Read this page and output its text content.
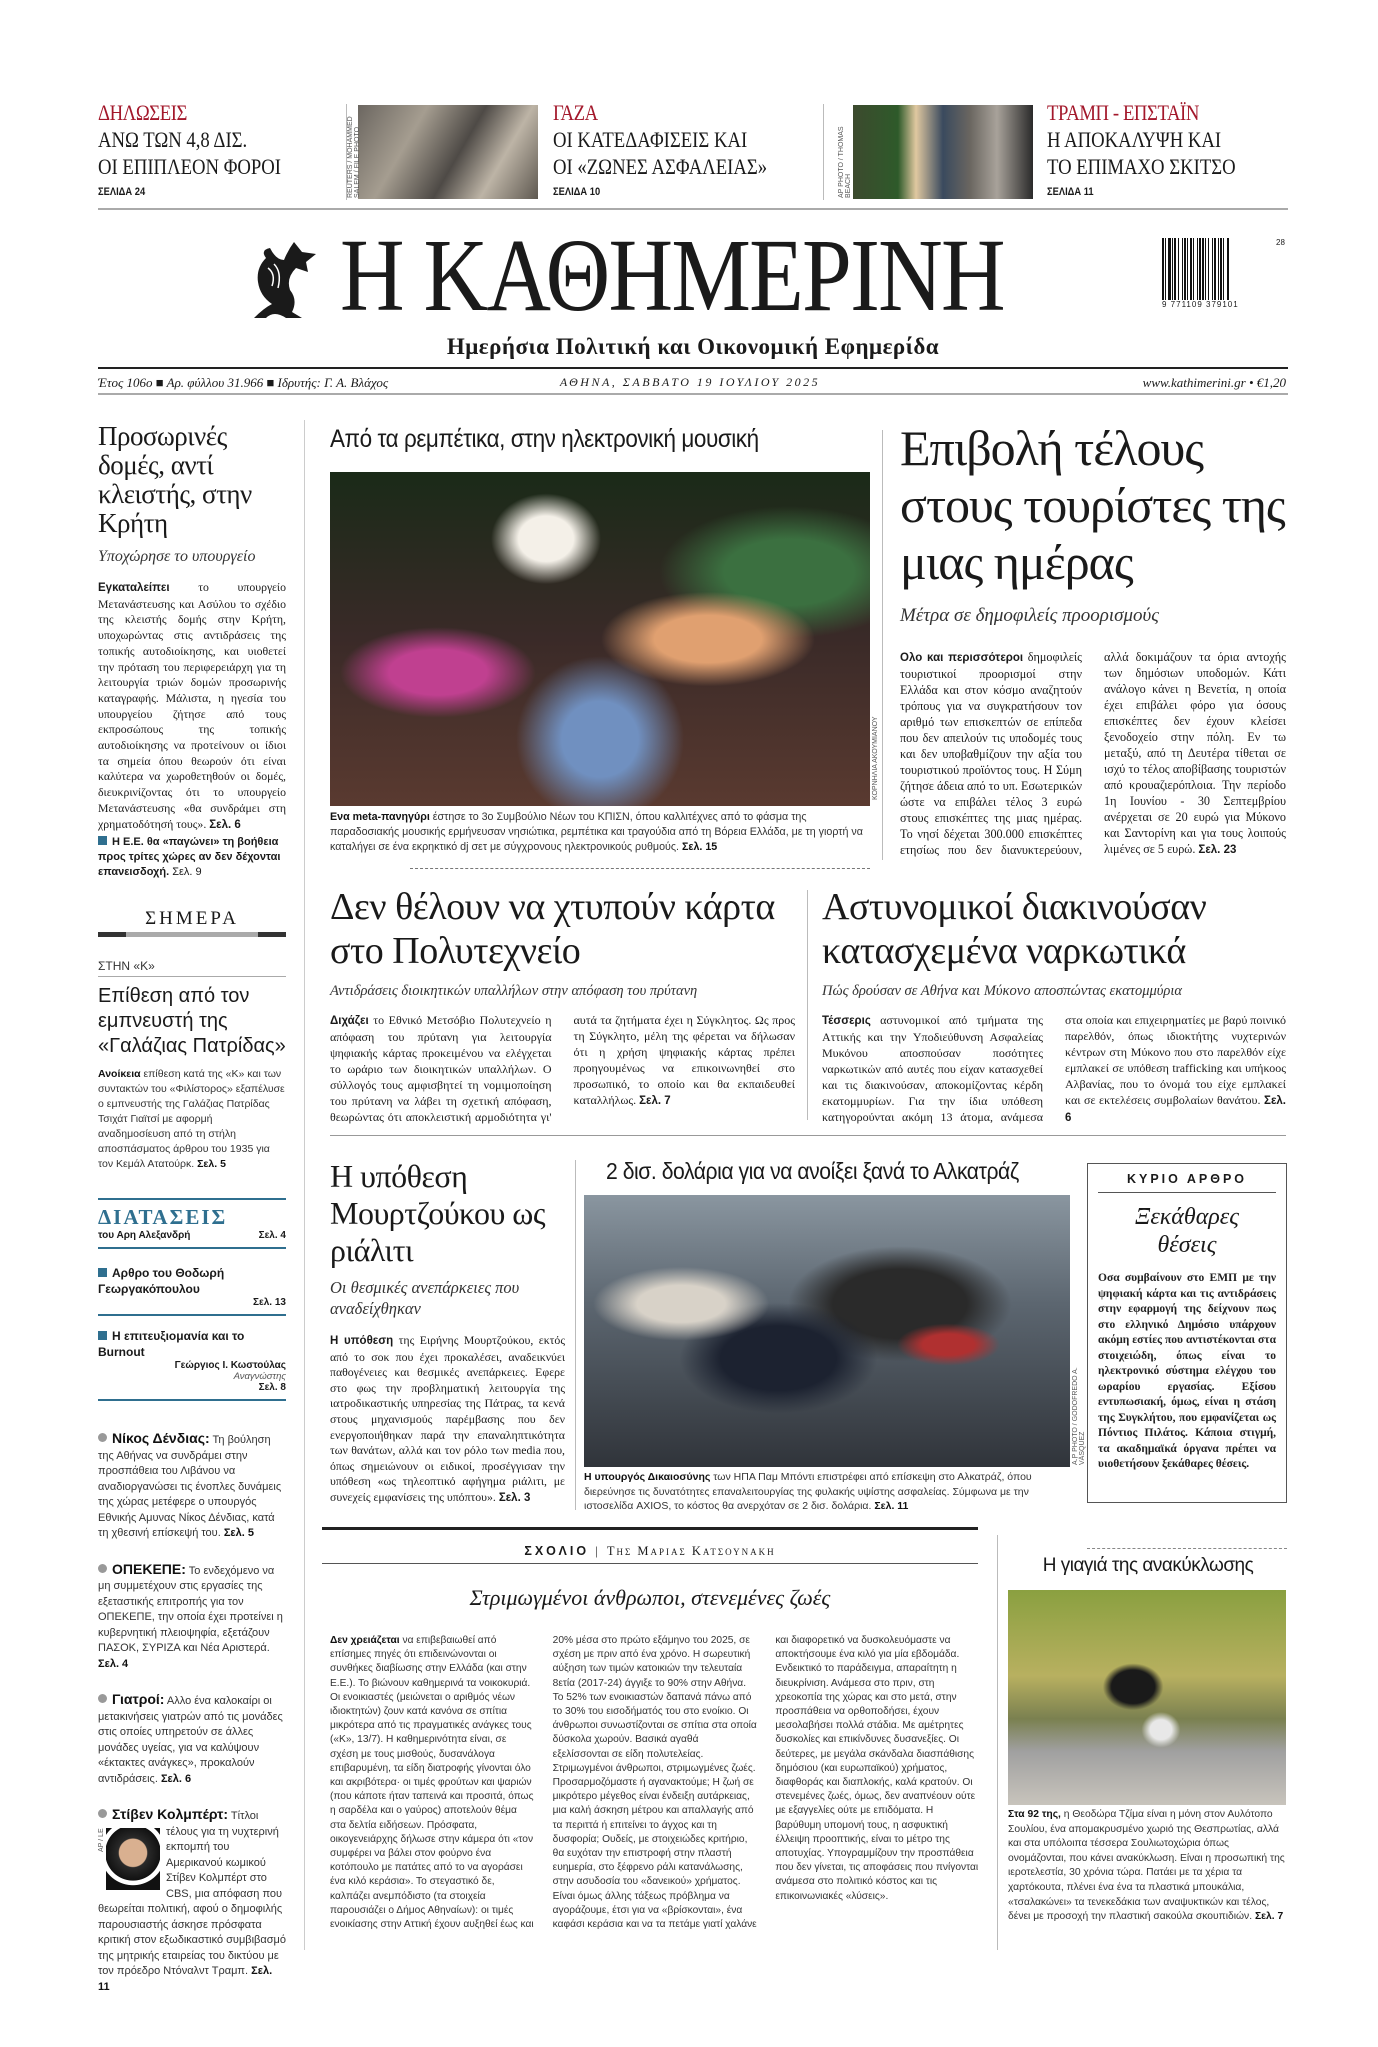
ΔΗΛΩΣΕΙΣ
ΑΝΩ ΤΩΝ 4,8 ΔΙΣ.
ΟΙ ΕΠΙΠΛΕΟΝ ΦΟΡΟΙ
ΣΕΛΙΔΑ 24	REUTERS / MOHAMMED SALEM / FILE PHOTO
ΓΑΖΑ
ΟΙ ΚΑΤΕΔΑΦΙΣΕΙΣ ΚΑΙ
ΟΙ «ΖΩΝΕΣ ΑΣΦΑΛΕΙΑΣ»
ΣΕΛΙΔΑ 10	AP PHOTO / THOMAS BEACH
ΤΡΑΜΠ - ΕΠΣΤΑΪΝ
Η ΑΠΟΚΑΛΥΨΗ ΚΑΙ
ΤΟ ΕΠΙΜΑΧΟ ΣΚΙΤΣΟ
ΣΕΛΙΔΑ 11
Η ΚΑΘΗΜΕΡΙΝΗ	9 771109 379101
28
Ημερήσια Πολιτική και Οικονομική Εφημερίδα
Έτος 106ο ■ Αρ. φύλλου 31.966 ■ Ιδρυτής: Γ. Α. Βλάχος	ΑΘΗΝΑ, ΣΑΒΒΑΤΟ 19 ΙΟΥΛΙΟΥ 2025	www.kathimerini.gr • €1,20
Προσωρινές δομές, αντί κλειστής, στην Κρήτη
Υποχώρησε το υπουργείο

Εγκαταλείπει το υπουργείο Μετανάστευσης και Ασύλου το σχέδιο της κλειστής δομής στην Κρήτη, υποχωρώντας στις αντιδράσεις της τοπικής αυτοδιοίκησης, και υιοθετεί την πρόταση του περιφερειάρχη για τη λειτουργία τριών δομών προσωρινής καταγραφής. Μάλιστα, η ηγεσία του υπουργείου ζήτησε από τους εκπροσώπους της τοπικής αυτοδιοίκησης να προτείνουν οι ίδιοι τα σημεία όπου θεωρούν ότι είναι καλύτερα να χωροθετηθούν οι δομές, διευκρινίζοντας ότι το υπουργείο Μετανάστευσης «θα συνδράμει στη χρηματοδότησή τους». Σελ. 6

Η Ε.Ε. θα «παγώνει» τη βοήθεια προς τρίτες χώρες αν δεν δέχονται επανεισδοχή. Σελ. 9

ΣΗΜΕΡΑ
ΣΤΗΝ «Κ»
Επίθεση από τον εμπνευστή της «Γαλάζιας Πατρίδας»

Ανοίκεια επίθεση κατά της «Κ» και των συντακτών του «Φιλίστορος» εξαπέλυσε ο εμπνευστής της Γαλάζιας Πατρίδας Τσιχάτ Γιαϊτσί με αφορμή αναδημοσίευση από τη στήλη αποσπάσματος άρθρου του 1935 για τον Κεμάλ Ατατούρκ. Σελ. 5

ΔΙΑΤΑΣΕΙΣ
του Αρη Αλεξανδρή	Σελ. 4
Αρθρο του Θοδωρή Γεωργακόπουλου
Σελ. 13
Η επιτευξιομανία και το Burnout
Γεώργιος Ι. Κωστούλας
Αναγνώστης
Σελ. 8

Νίκος Δένδιας: Τη βούληση της Αθήνας να συνδράμει στην προσπάθεια του Λιβάνου να αναδιοργανώσει τις ένοπλες δυνάμεις της χώρας μετέφερε ο υπουργός Εθνικής Αμυνας Νίκος Δένδιας, κατά τη χθεσινή επίσκεψή του. Σελ. 5

ΟΠΕΚΕΠΕ: Το ενδεχόμενο να μη συμμετέχουν στις εργασίες της εξεταστικής επιτροπής για τον ΟΠΕΚΕΠΕ, την οποία έχει προτείνει η κυβερνητική πλειοψηφία, εξετάζουν ΠΑΣΟΚ, ΣΥΡΙΖΑ και Νέα Αριστερά. Σελ. 4

Γιατροί: Αλλο ένα καλοκαίρι οι μετακινήσεις γιατρών από τις μονάδες στις οποίες υπηρετούν σε άλλες μονάδες υγείας, για να καλύψουν «έκτακτες ανάγκες», προκαλούν αντιδράσεις. Σελ. 6

Στίβεν Κολμπέρτ:
AP / LE
Τίτλοι τέλους για τη νυχτερινή εκπομπή του Αμερικανού κωμικού Στίβεν Κολμπέρτ στο CBS, μια απόφαση που θεωρείται πολιτική, αφού ο δημοφιλής παρουσιαστής άσκησε πρόσφατα κριτική στον εξωδικαστικό συμβιβασμό της μητρικής εταιρείας του δικτύου με τον πρόεδρο Ντόναλντ Τραμπ. Σελ. 11

Από τα ρεμπέτικα, στην ηλεκτρονική μουσική
ΚΟΡΝΗΛΙΑ ΑΚΟΥΜΙΑΝΟΥ

Ενα meta-πανηγύρι έστησε το 3ο Συμβούλιο Νέων του ΚΠΙΣΝ, όπου καλλιτέχνες από το φάσμα της παραδοσιακής μουσικής ερμήνευσαν νησιώτικα, ρεμπέτικα και τραγούδια από τη Βόρεια Ελλάδα, με τη γιορτή να καταλήγει σε ένα εκρηκτικό dj σετ με σύγχρονους ηλεκτρονικούς ρυθμούς. Σελ. 15

Επιβολή τέλους στους τουρίστες της μιας ημέρας
Μέτρα σε δημοφιλείς προορισμούς

Ολο και περισσότεροι δημοφιλείς τουριστικοί προορισμοί στην Ελλάδα και στον κόσμο αναζητούν τρόπους για να συγκρατήσουν τον αριθμό των επισκεπτών σε επίπεδα που δεν απειλούν τις υποδομές τους και δεν υποβαθμίζουν την αξία του τουριστικού προϊόντος τους. Η Σύμη ζήτησε άδεια από το υπ. Εσωτερικών ώστε να επιβάλει τέλος 3 ευρώ στους επισκέπτες της μιας ημέρας. Το νησί δέχεται 300.000 επισκέπτες ετησίως που δεν διανυκτερεύουν, αλλά δοκιμάζουν τα όρια αντοχής των δημόσιων υποδομών. Κάτι ανάλογο κάνει η Βενετία, η οποία έχει επιβάλει φόρο για όσους επισκέπτες δεν έχουν κλείσει ξενοδοχείο στην πόλη. Εν τω μεταξύ, από τη Δευτέρα τίθεται σε ισχύ το τέλος αποβίβασης τουριστών από κρουαζιερόπλοια. Την περίοδο 1η Ιουνίου - 30 Σεπτεμβρίου ανέρχεται σε 20 ευρώ για Μύκονο και Σαντορίνη και για τους λοιπούς λιμένες σε 5 ευρώ. Σελ. 23

Δεν θέλουν να χτυπούν κάρτα στο Πολυτεχνείο
Αντιδράσεις διοικητικών υπαλλήλων στην απόφαση του πρύτανη

Διχάζει το Εθνικό Μετσόβιο Πολυτεχνείο η απόφαση του πρύτανη για λειτουργία ψηφιακής κάρτας προκειμένου να ελέγχεται το ωράριο των διοικητικών υπαλλήλων. Ο σύλλογός τους αμφισβητεί τη νομιμοποίηση του πρύτανη να λάβει τη σχετική απόφαση, θεωρώντας ότι αποκλειστική αρμοδιότητα γι' αυτά τα ζητήματα έχει η Σύγκλητος. Ως προς τη Σύγκλητο, μέλη της φέρεται να δήλωσαν ότι η χρήση ψηφιακής κάρτας πρέπει προηγουμένως να επικοινωνηθεί στο προσωπικό, το οποίο και θα εκπαιδευθεί καταλλήλως. Σελ. 7

Αστυνομικοί διακινούσαν κατασχεμένα ναρκωτικά
Πώς δρούσαν σε Αθήνα και Μύκονο αποσπώντας εκατομμύρια

Τέσσερις αστυνομικοί από τμήματα της Αττικής και την Υποδιεύθυνση Ασφαλείας Μυκόνου αποσπούσαν ποσότητες ναρκωτικών από αυτές που είχαν κατασχεθεί και τις διακινούσαν, αποκομίζοντας κέρδη εκατομμυρίων. Για την ίδια υπόθεση κατηγορούνται ακόμη 13 άτομα, ανάμεσα στα οποία και επιχειρηματίες με βαρύ ποινικό παρελθόν, όπως ιδιοκτήτης νυχτερινών κέντρων στη Μύκονο που στο παρελθόν είχε εμπλακεί σε υπόθεση trafficking και υπήκοος Αλβανίας, που το όνομά του είχε εμπλακεί και σε εκτελέσεις συμβολαίων θανάτου. Σελ. 6

Η υπόθεση Μουρτζούκου ως ριάλιτι
Οι θεσμικές ανεπάρκειες που αναδείχθηκαν

Η υπόθεση της Ειρήνης Μουρτζούκου, εκτός από το σοκ που έχει προκαλέσει, αναδεικνύει παθογένειες και θεσμικές ανεπάρκειες. Εφερε στο φως την προβληματική λειτουργία της ιατροδικαστικής υπηρεσίας της Πάτρας, τα κενά στους μηχανισμούς παρέμβασης που δεν ενεργοποιήθηκαν παρά την επαναληπτικότητα των θανάτων, αλλά και τον ρόλο των media που, όπως σημειώνουν οι ειδικοί, προσέγγισαν την υπόθεση «ως τηλεοπτικό αφήγημα ριάλιτι, με συνεχείς εμφανίσεις της υπόπτου». Σελ. 3

2 δισ. δολάρια για να ανοίξει ξανά το Αλκατράζ
A.P PHOTO / GODOFREDO A. VÁSQUEZ

Η υπουργός Δικαιοσύνης των ΗΠΑ Παμ Μπόντι επιστρέφει από επίσκεψη στο Αλκατράζ, όπου διερεύνησε τις δυνατότητες επαναλειτουργίας της φυλακής υψίστης ασφαλείας. Σύμφωνα με την ιστοσελίδα AXIOS, το κόστος θα ανερχόταν σε 2 δισ. δολάρια. Σελ. 11

ΚΥΡΙΟ ΑΡΘΡΟ
Ξεκάθαρες θέσεις

Οσα συμβαίνουν στο ΕΜΠ με την ψηφιακή κάρτα και τις αντιδράσεις στην εφαρμογή της δείχνουν πως στο ελληνικό Δημόσιο υπάρχουν ακόμη εστίες που αντιστέκονται στα στοιχειώδη, όπως είναι το ηλεκτρονικό σύστημα ελέγχου του ωραρίου εργασίας. Εξίσου εντυπωσιακή, όμως, είναι η στάση της Συγκλήτου, που εμφανίζεται ως Πόντιος Πιλάτος. Κάποια στιγμή, τα ακαδημαϊκά όργανα πρέπει να υιοθετήσουν ξεκάθαρες θέσεις.

ΣΧΟΛΙΟ | Της Μαριας Κατσουνακη
Στριμωγμένοι άνθρωποι, στενεμένες ζωές

Δεν χρειάζεται να επιβεβαιωθεί από επίσημες πηγές ότι επιδεινώνονται οι συνθήκες διαβίωσης στην Ελλάδα (και στην Ε.Ε.). Το βιώνουν καθημερινά τα νοικοκυριά. Οι ενοικιαστές (μειώνεται ο αριθμός νέων ιδιοκτητών) ζουν κατά κανόνα σε σπίτια μικρότερα από τις πραγματικές ανάγκες τους («Κ», 13/7). Η καθημερινότητα είναι, σε σχέση με τους μισθούς, δυσανάλογα επιβαρυμένη, τα είδη διατροφής γίνονται όλο και ακριβότερα· οι τιμές φρούτων και ψαριών (που κάποτε ήταν ταπεινά και προσιτά, όπως η σαρδέλα και ο γαύρος) αποτελούν θέμα στα δελτία ειδήσεων. Πρόσφατα, οικογενειάρχης δήλωσε στην κάμερα ότι «τον συμφέρει να βάλει στον φούρνο ένα κοτόπουλο με πατάτες από το να αγοράσει ένα κιλό κεράσια». Το στεγαστικό δε, καλπάζει ανεμπόδιστο (τα στοιχεία παρουσιάζει ο Δήμος Αθηναίων): οι τιμές ενοικίασης στην Αττική έχουν αυξηθεί έως και 20% μέσα στο πρώτο εξάμηνο του 2025, σε σχέση με πριν από ένα χρόνο. Η σωρευτική αύξηση των τιμών κατοικιών την τελευταία 8ετία (2017-24) άγγιξε το 90% στην Αθήνα. Το 52% των ενοικιαστών δαπανά πάνω από το 30% του εισοδήματός του στο ενοίκιο. Οι άνθρωποι συνωστίζονται σε σπίτια στα οποία δύσκολα χωρούν. Βασικά αγαθά εξελίσσονται σε είδη πολυτελείας. Στριμωγμένοι άνθρωποι, στριμωγμένες ζωές. Προσαρμοζόμαστε ή αγανακτούμε; Η ζωή σε μικρότερο μέγεθος είναι ένδειξη αυτάρκειας, μια καλή άσκηση μέτρου και απαλλαγής από τα περιττά ή επιτείνει το άγχος και τη δυσφορία; Ουδείς, με στοιχειώδες κριτήριο, θα ευχόταν την επιστροφή στην πλαστή ευημερία, στο ξέφρενο ράλι κατανάλωσης, στην ασυδοσία του «δανεικού» χρήματος. Είναι όμως άλλης τάξεως πρόβλημα να αγοράζουμε, έτσι για να «βρίσκονται», ένα καφάσι κεράσια και να τα πετάμε γιατί χαλάνε και διαφορετικό να δυσκολευόμαστε να αποκτήσουμε ένα κιλό για μία εβδομάδα. Ενδεικτικό το παράδειγμα, απαραίτητη η διευκρίνιση. Ανάμεσα στο πριν, στη χρεοκοπία της χώρας και στο μετά, στην προσπάθεια να ορθοποδήσει, έχουν μεσολαβήσει πολλά στάδια. Με αμέτρητες δυσκολίες και επικίνδυνες δυσανεξίες. Οι δεύτερες, με μεγάλα σκάνδαλα διασπάθισης δημόσιου (και ευρωπαϊκού) χρήματος, διαφθοράς και διαπλοκής, καλά κρατούν. Οι στενεμένες ζωές, όμως, δεν αναπνέουν ούτε με εξαγγελίες ούτε με επιδόματα. Η βαρύθυμη υπομονή τους, η ασφυκτική έλλειψη προοπτικής, είναι το μέτρο της αποτυχίας. Υπογραμμίζουν την προσπάθεια που δεν γίνεται, τις αποφάσεις που πνίγονται ανάμεσα στο πολιτικό κόστος και τις επικοινωνιακές «λύσεις».

Η γιαγιά της ανακύκλωσης

Στα 92 της, η Θεοδώρα Τζίμα είναι η μόνη στον Αυλότοπο Σουλίου, ένα απομακρυσμένο χωριό της Θεσπρωτίας, αλλά και στα υπόλοιπα τέσσερα Σουλιωτοχώρια όπως ονομάζονται, που κάνει ανακύκλωση. Είναι η προσωπική της ιεροτελεστία, 30 χρόνια τώρα. Πατάει με τα χέρια τα χαρτόκουτα, πλένει ένα ένα τα πλαστικά μπουκάλια, «τσαλακώνει» τα τενεκεδάκια των αναψυκτικών και τέλος, δένει με προσοχή την πλαστική σακούλα σκουπιδιών. Σελ. 7
